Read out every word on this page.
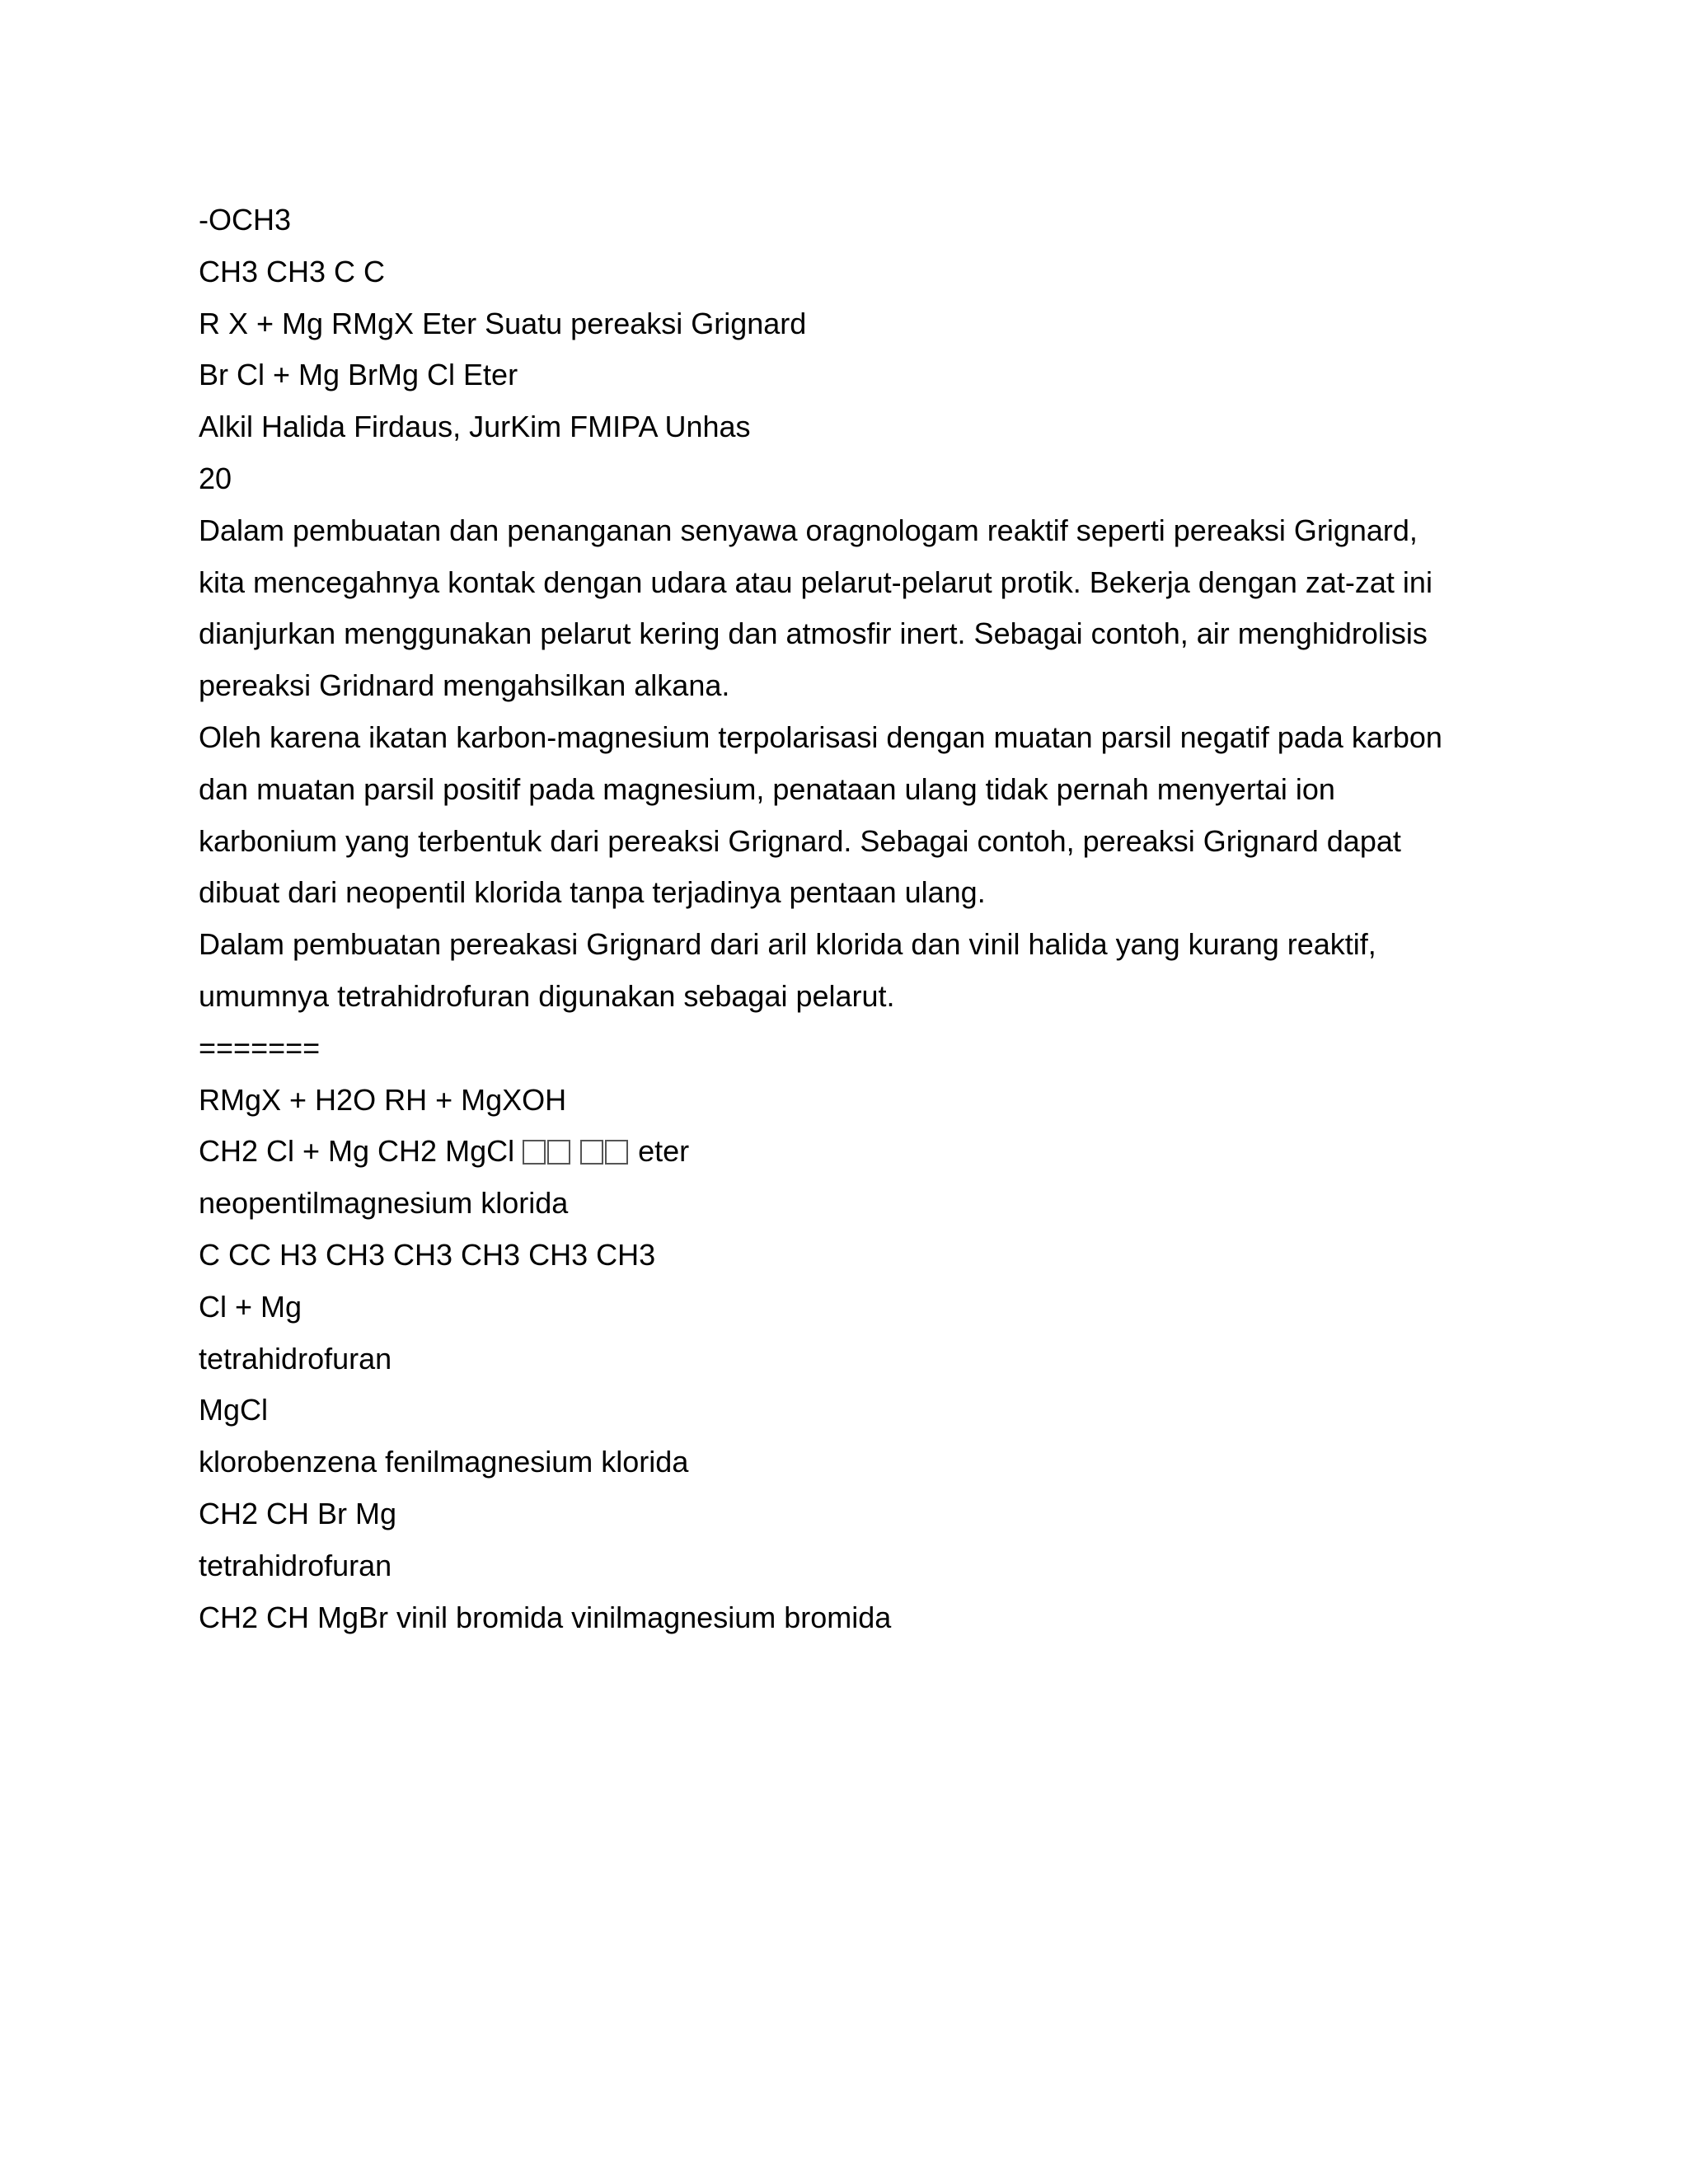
-OCH3
CH3 CH3 C C
R X + Mg RMgX Eter Suatu pereaksi Grignard
Br Cl + Mg BrMg Cl Eter
Alkil Halida Firdaus, JurKim FMIPA Unhas
20
Dalam pembuatan dan penanganan senyawa oragnologam reaktif seperti pereaksi Grignard,
kita mencegahnya kontak dengan udara atau pelarut-pelarut protik. Bekerja dengan zat-zat ini
dianjurkan menggunakan pelarut kering dan atmosfir inert. Sebagai contoh, air menghidrolisis
pereaksi Gridnard mengahsilkan alkana.
Oleh karena ikatan karbon-magnesium terpolarisasi dengan muatan parsil negatif pada karbon
dan muatan parsil positif pada magnesium, penataan ulang tidak pernah menyertai ion
karbonium yang terbentuk dari pereaksi Grignard. Sebagai contoh, pereaksi Grignard dapat
dibuat dari neopentil klorida tanpa terjadinya pentaan ulang.
Dalam pembuatan pereakasi Grignard dari aril klorida dan vinil halida yang kurang reaktif,
umumnya tetrahidrofuran digunakan sebagai pelarut.
=======
RMgX + H2O RH + MgXOH
CH2 Cl + Mg CH2 MgCl	eter
neopentilmagnesium klorida
C CC H3 CH3 CH3 CH3 CH3 CH3
Cl + Mg
tetrahidrofuran
MgCl
klorobenzena fenilmagnesium klorida
CH2 CH Br Mg
tetrahidrofuran
CH2 CH MgBr vinil bromida vinilmagnesium bromida
